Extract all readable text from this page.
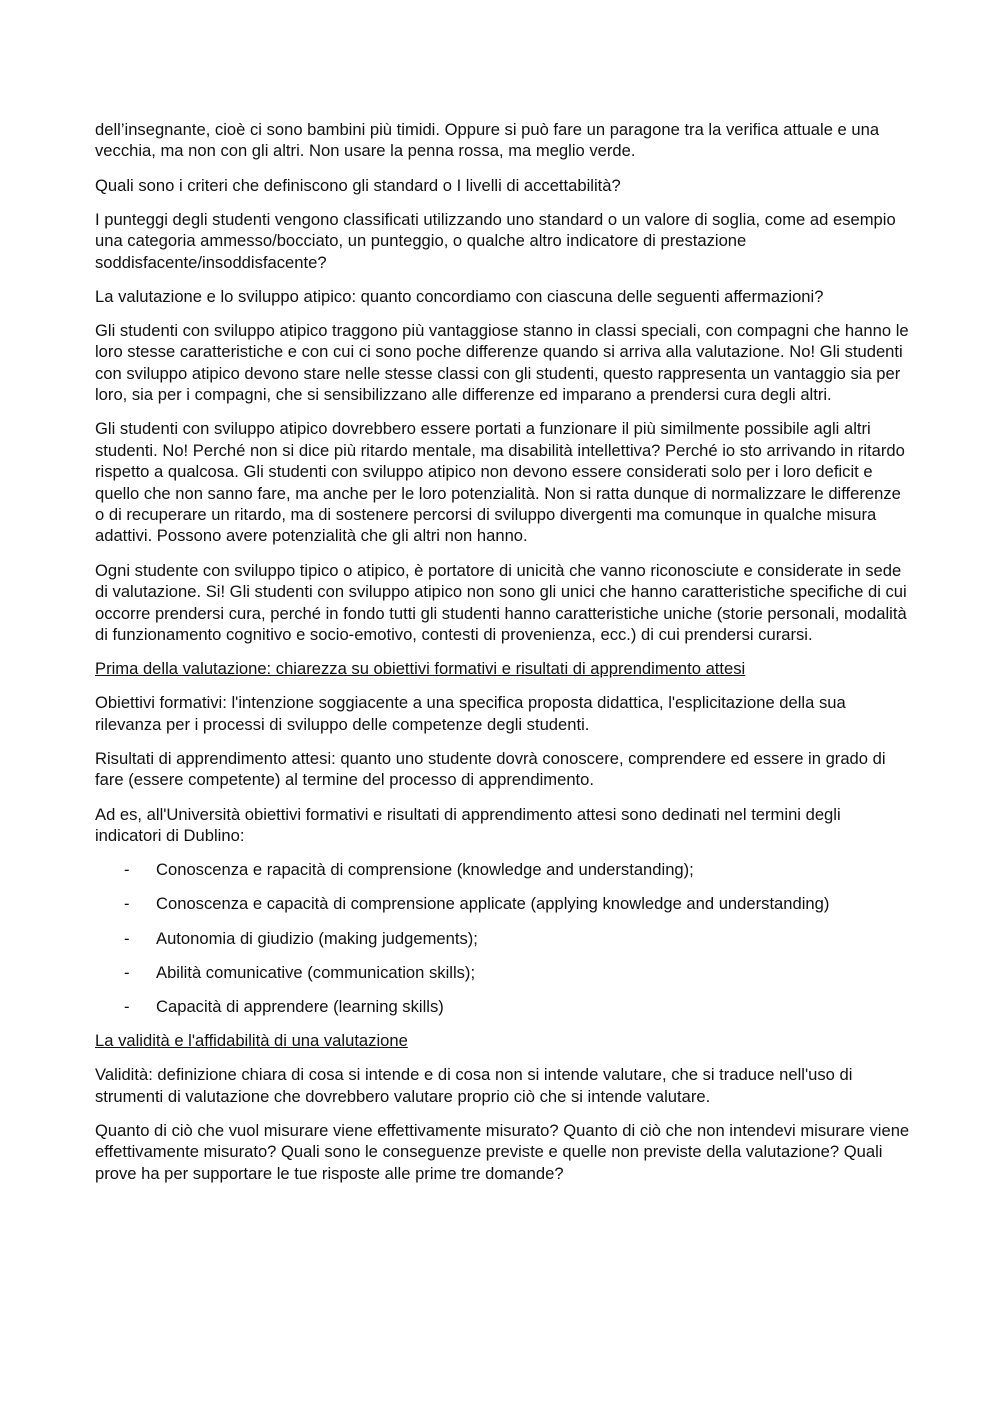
dell’insegnante, cioè ci sono bambini più timidi. Oppure si può fare un paragone tra la verifica attuale e una vecchia, ma non con gli altri. Non usare la penna rossa, ma meglio verde.

Quali sono i criteri che definiscono gli standard o I livelli di accettabilità?

I punteggi degli studenti vengono classificati utilizzando uno standard o un valore di soglia, come ad esempio una categoria ammesso/bocciato, un punteggio, o qualche altro indicatore di prestazione soddisfacente/insoddisfacente?

La valutazione e lo sviluppo atipico: quanto concordiamo con ciascuna delle seguenti affermazioni?

Gli studenti con sviluppo atipico traggono più vantaggiose stanno in classi speciali, con compagni che hanno le loro stesse caratteristiche e con cui ci sono poche differenze quando si arriva alla valutazione. No! Gli studenti con sviluppo atipico devono stare nelle stesse classi con gli studenti, questo rappresenta un vantaggio sia per loro, sia per i compagni, che si sensibilizzano alle differenze ed imparano a prendersi cura degli altri.

Gli studenti con sviluppo atipico dovrebbero essere portati a funzionare il più similmente possibile agli altri studenti. No! Perché non si dice più ritardo mentale, ma disabilità intellettiva? Perché io sto arrivando in ritardo rispetto a qualcosa. Gli studenti con sviluppo atipico non devono essere considerati solo per i loro deficit e quello che non sanno fare, ma anche per le loro potenzialità. Non si ratta dunque di normalizzare le differenze o di recuperare un ritardo, ma di sostenere percorsi di sviluppo divergenti ma comunque in qualche misura adattivi. Possono avere potenzialità che gli altri non hanno.

Ogni studente con sviluppo tipico o atipico, è portatore di unicità che vanno riconosciute e considerate in sede di valutazione. Si! Gli studenti con sviluppo atipico non sono gli unici che hanno caratteristiche specifiche di cui occorre prendersi cura, perché in fondo tutti gli studenti hanno caratteristiche uniche (storie personali, modalità di funzionamento cognitivo e socio-emotivo, contesti di provenienza, ecc.) di cui prendersi curarsi.

Prima della valutazione: chiarezza su obiettivi formativi e risultati di apprendimento attesi

Obiettivi formativi: l'intenzione soggiacente a una specifica proposta didattica, l'esplicitazione della sua rilevanza per i processi di sviluppo delle competenze degli studenti.

Risultati di apprendimento attesi: quanto uno studente dovrà conoscere, comprendere ed essere in grado di fare (essere competente) al termine del processo di apprendimento.

Ad es, all'Università obiettivi formativi e risultati di apprendimento attesi sono dedinati nel termini degli indicatori di Dublino:

- Conoscenza e rapacità di comprensione (knowledge and understanding);
- Conoscenza e capacità di comprensione applicate (applying knowledge and understanding)
- Autonomia di giudizio (making judgements);
- Abilità comunicative (communication skills);
- Capacità di apprendere (learning skills)

La validità e l'affidabilità di una valutazione

Validità: definizione chiara di cosa si intende e di cosa non si intende valutare, che si traduce nell'uso di strumenti di valutazione che dovrebbero valutare proprio ciò che si intende valutare.

Quanto di ciò che vuol misurare viene effettivamente misurato? Quanto di ciò che non intendevi misurare viene effettivamente misurato? Quali sono le conseguenze previste e quelle non previste della valutazione? Quali prove ha per supportare le tue risposte alle prime tre domande?
